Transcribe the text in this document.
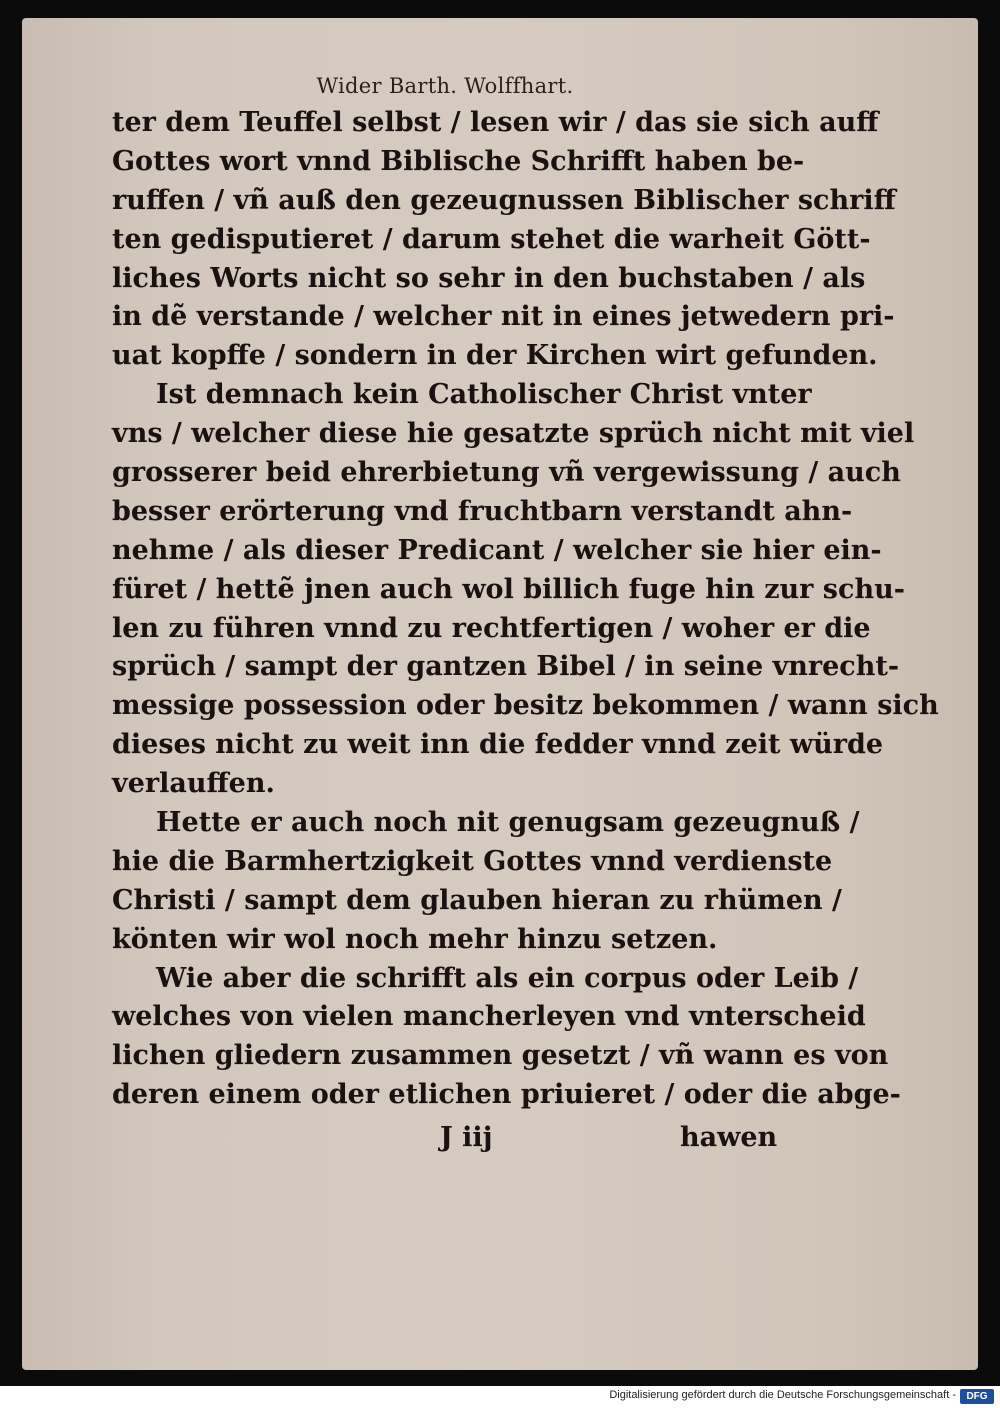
Wider Barth. Wolffhart.
ter dem Teuffel selbst / lesen wir / das sie sich auff
Gottes wort vnnd Biblische Schrifft haben be-
ruffen / vñ auß den gezeugnussen Biblischer schriff
ten gedisputieret / darum stehet die warheit Gött-
liches Worts nicht so sehr in den buchstaben / als
in dẽ verstande / welcher nit in eines jetwedern pri-
uat kopffe / sondern in der Kirchen wirt gefunden.
Ist demnach kein Catholischer Christ vnter
vns / welcher diese hie gesatzte sprüch nicht mit viel
grosserer beid ehrerbietung vñ vergewissung / auch
besser erörterung vnd fruchtbarn verstandt ahn-
nehme / als dieser Predicant / welcher sie hier ein-
füret / hettẽ jnen auch wol billich fuge hin zur schu-
len zu führen vnnd zu rechtfertigen / woher er die
sprüch / sampt der gantzen Bibel / in seine vnrecht-
messige possession oder besitz bekommen / wann sich
dieses nicht zu weit inn die fedder vnnd zeit würde
verlauffen.
Hette er auch noch nit genugsam gezeugnuß /
hie die Barmhertzigkeit Gottes vnnd verdienste
Christi / sampt dem glauben hieran zu rhümen /
könten wir wol noch mehr hinzu setzen.
Wie aber die schrifft als ein corpus oder Leib /
welches von vielen mancherleyen vnd vnterscheid
lichen gliedern zusammen gesetzt / vñ wann es von
deren einem oder etlichen priuieret / oder die abge-
J iij	hawen
Digitalisierung gefördert durch die Deutsche Forschungsgemeinschaft -	DFG
